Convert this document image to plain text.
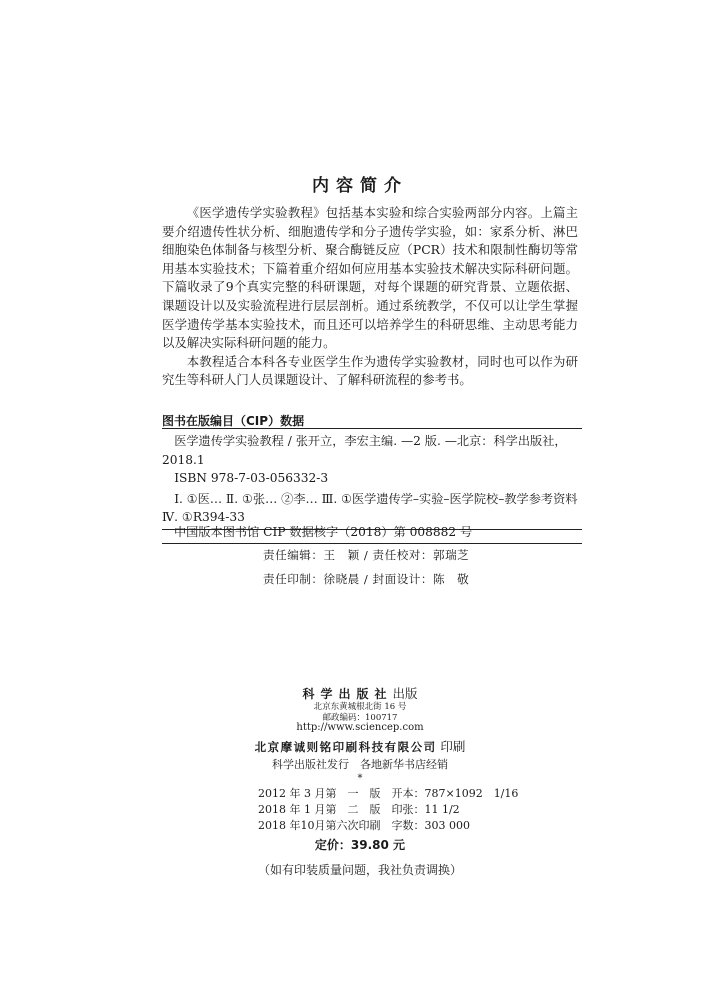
内容简介

《医学遗传学实验教程》包括基本实验和综合实验两部分内容。上篇主要介绍遗传性状分析、细胞遗传学和分子遗传学实验，如：家系分析、淋巴细胞染色体制备与核型分析、聚合酶链反应（PCR）技术和限制性酶切等常用基本实验技术；下篇着重介绍如何应用基本实验技术解决实际科研问题。下篇收录了9个真实完整的科研课题，对每个课题的研究背景、立题依据、课题设计以及实验流程进行层层剖析。通过系统教学，不仅可以让学生掌握医学遗传学基本实验技术，而且还可以培养学生的科研思维、主动思考能力以及解决实际科研问题的能力。

本教程适合本科各专业医学生作为遗传学实验教材，同时也可以作为研究生等科研人门人员课题设计、了解科研流程的参考书。

图书在版编目（CIP）数据

医学遗传学实验教程 / 张开立，李宏主编. —2 版. —北京：科学出版社，2018.1

ISBN 978-7-03-056332-3

Ⅰ. ①医… Ⅱ. ①张… ②李… Ⅲ. ①医学遗传学–实验–医学院校–教学参考资料 Ⅳ. ①R394-33

中国版本图书馆 CIP 数据核字（2018）第 008882 号
责任编辑：王　颖 / 责任校对：郭瑞芝
责任印制：徐晓晨 / 封面设计：陈　敬
科学出版社出版
北京东黄城根北街 16 号
邮政编码：100717
http://www.sciencep.com
北京摩诚则铭印刷科技有限公司 印刷
科学出版社发行　各地新华书店经销
*
2012 年 3 月第　一　版　开本：787×1092　1/16
2018 年 1 月第　二　版　印张：11 1/2
2018 年10月第六次印刷　字数：303 000
定价：39.80 元
（如有印装质量问题，我社负责调换）
